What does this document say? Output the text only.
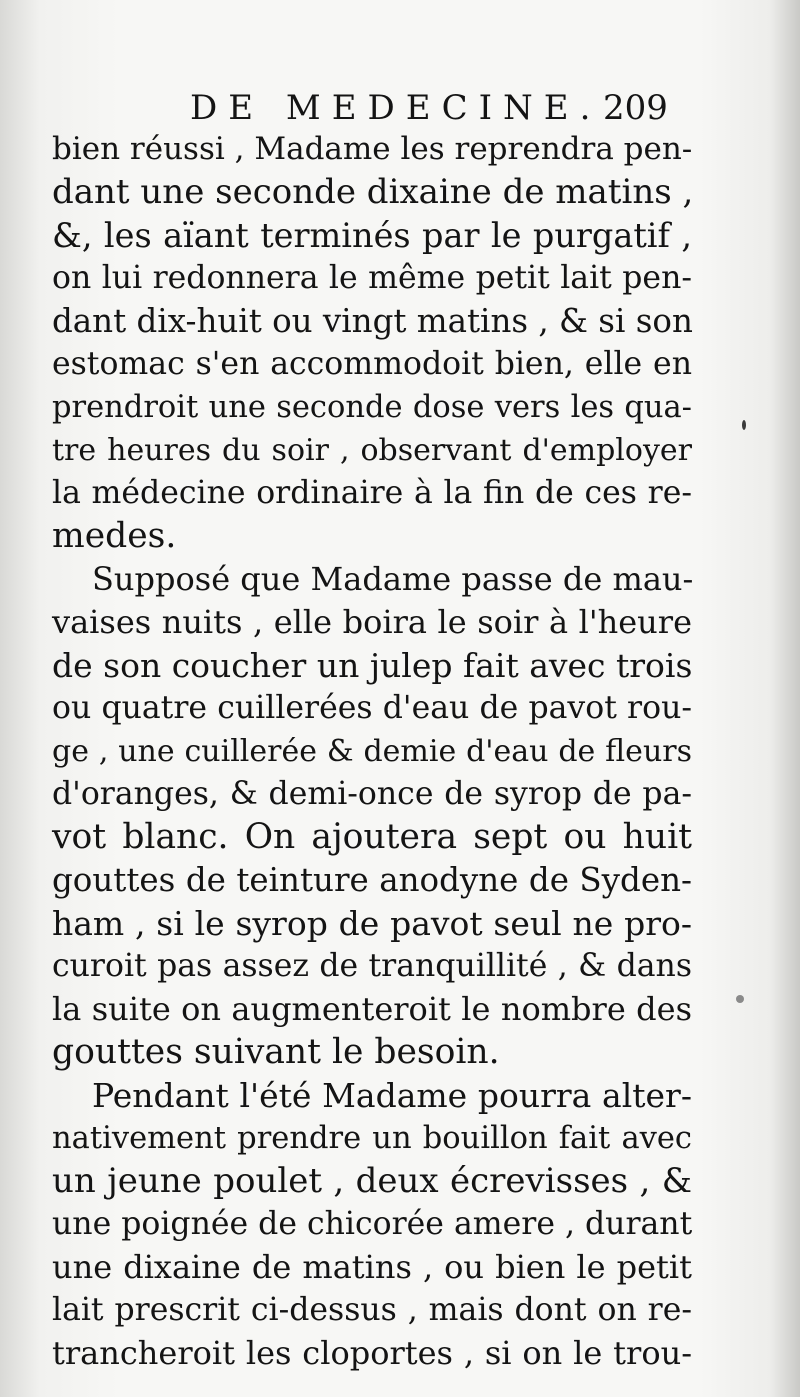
DE MEDECINE. 209
bien réussi , Madame les reprendra pen-
dant une seconde dixaine de matins ,
&, les aïant terminés par le purgatif ,
on lui redonnera le même petit lait pen-
dant dix-huit ou vingt matins , & si son
estomac s'en accommodoit bien, elle en
prendroit une seconde dose vers les qua-
tre heures du soir , observant d'employer
la médecine ordinaire à la fin de ces re-
medes.
Supposé que Madame passe de mau-
vaises nuits , elle boira le soir à l'heure
de son coucher un julep fait avec trois
ou quatre cuillerées d'eau de pavot rou-
ge , une cuillerée & demie d'eau de fleurs
d'oranges, & demi-once de syrop de pa-
vot blanc. On ajoutera sept ou huit
gouttes de teinture anodyne de Syden-
ham , si le syrop de pavot seul ne pro-
curoit pas assez de tranquillité , & dans
la suite on augmenteroit le nombre des
gouttes suivant le besoin.
Pendant l'été Madame pourra alter-
nativement prendre un bouillon fait avec
un jeune poulet , deux écrevisses , &
une poignée de chicorée amere , durant
une dixaine de matins , ou bien le petit
lait prescrit ci-dessus , mais dont on re-
trancheroit les cloportes , si on le trou-
